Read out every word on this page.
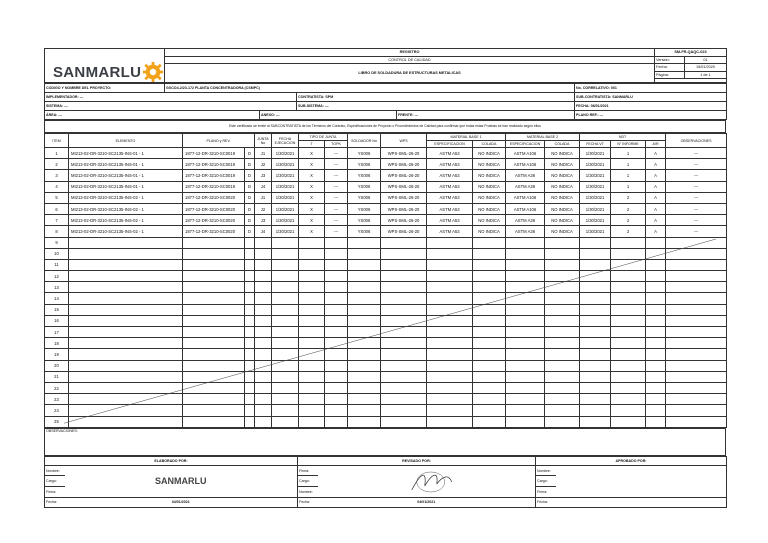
SANMARLU	REGISTRO	SM-FR-QAQC-023	
	CONTROL DE CALIDAD	Versión:	01
	LIBRO DE SOLDADURA DE ESTRUCTURAS METALICAS	Fecha:	15/01/2020
		Página:	1 de 1

CODIGO Y NOMBRE DEL PROYECTO:	GXCO4-2/23-172 PLANTA CONCENTRADORA (CSMPC)				No. CORRELATIVO: 001
IMPLEMENTADOR: ---			CONTRATISTA: SPM		SUB-CONTRATISTA: SANMARLU
SISTEMA: ---			SUB-SISTEMA: ---		FECHA: 08/01/2021
ÁREA: ---		ANEXO: ---		FRENTE: ---	PLANO REF.: ---
Este certificado se emite al SUBCONTRATISTA de los Términos del Contrato, Especificaciones de Proyecto o Procedimientos de Calidad para confirmar que todas estas Pruebas se han realizado según ellos
ITEM	ELEMENTO	PLANO y REV.		JUNTA No	FECHA EJECUCION	TIPO DE JUNTA		SOLDADOR No	WPS	MATERIAL BASE 1		MATERIAL BASE 2		NDT			OBSERVACIONES
						T	TOPK			ESPECIFICACION	COLADA	ESPECIFICACION	COLADA	FECHA VT	N° INFORME	A/R	
1	MI213-02-DR-3210-SC2135-INS-01 - 1	1877-12-DR-3210-SC0019	D	J1	1/30/2021	X	---	YS006	WPS-SML-26-20	ASTM A53	NO INDICA	ASTM A106	NO INDICA	1/30/2021	1	A	---
2	MI213-02-DR-3210-SC2135-INS-01 - 1	1877-12-DR-3210-SC0019	D	J2	1/30/2021	X	---	YS006	WPS-SML-26-20	ASTM A53	NO INDICA	ASTM A106	NO INDICA	1/30/2021	1	A	---
3	MI213-02-DR-3210-SC2135-INS-01 - 1	1877-12-DR-3210-SC0019	D	J3	1/30/2021	X	---	YS006	WPS-SML-26-20	ASTM A53	NO INDICA	ASTM A36	NO INDICA	1/30/2021	1	A	---
4	MI213-02-DR-3210-SC2135-INS-01 - 1	1877-12-DR-3210-SC0019	D	J4	1/30/2021	X	---	YS006	WPS-SML-26-20	ASTM A53	NO INDICA	ASTM A36	NO INDICA	1/30/2021	1	A	---
5	MI213-02-DR-3210-SC2135-INS-02 - 1	1877-12-DR-3210-SC0020	D	J1	1/30/2021	X	---	YS006	WPS-SML-26-20	ASTM A53	NO INDICA	ASTM A106	NO INDICA	1/30/2021	2	A	---
6	MI213-02-DR-3210-SC2135-INS-02 - 1	1877-12-DR-3210-SC0020	D	J2	1/30/2021	X	---	YS006	WPS-SML-26-20	ASTM A53	NO INDICA	ASTM A106	NO INDICA	1/30/2021	2	A	---
7	MI213-02-DR-3210-SC2135-INS-02 - 1	1877-12-DR-3210-SC0020	D	J3	1/30/2021	X	---	YS006	WPS-SML-26-20	ASTM A53	NO INDICA	ASTM A36	NO INDICA	1/30/2021	2	A	---
8	MI213-02-DR-3210-SC2135-INS-02 - 1	1877-12-DR-3210-SC0020	D	J4	1/30/2021	X	---	YS006	WPS-SML-26-20	ASTM A53	NO INDICA	ASTM A36	NO INDICA	1/30/2021	2	A	---
9																	
10																	
11																	
12																	
13																	
14																	
15																	
16																	
17																	
18																	
19																	
20																	
21																	
22																	
23																	
24																	
25																	
OBSERVACIONES:
ELABORADO POR:		REVISADO POR:		APROBADO POR:	
Nombre:	SANMARLU	Firma:		Nombre:	
Cargo:		Cargo:		Cargo:	
Firma:		Nombre:		Firma:	
Fecha:	04/01/2021	Fecha:	04/01/2021	Fecha:	
